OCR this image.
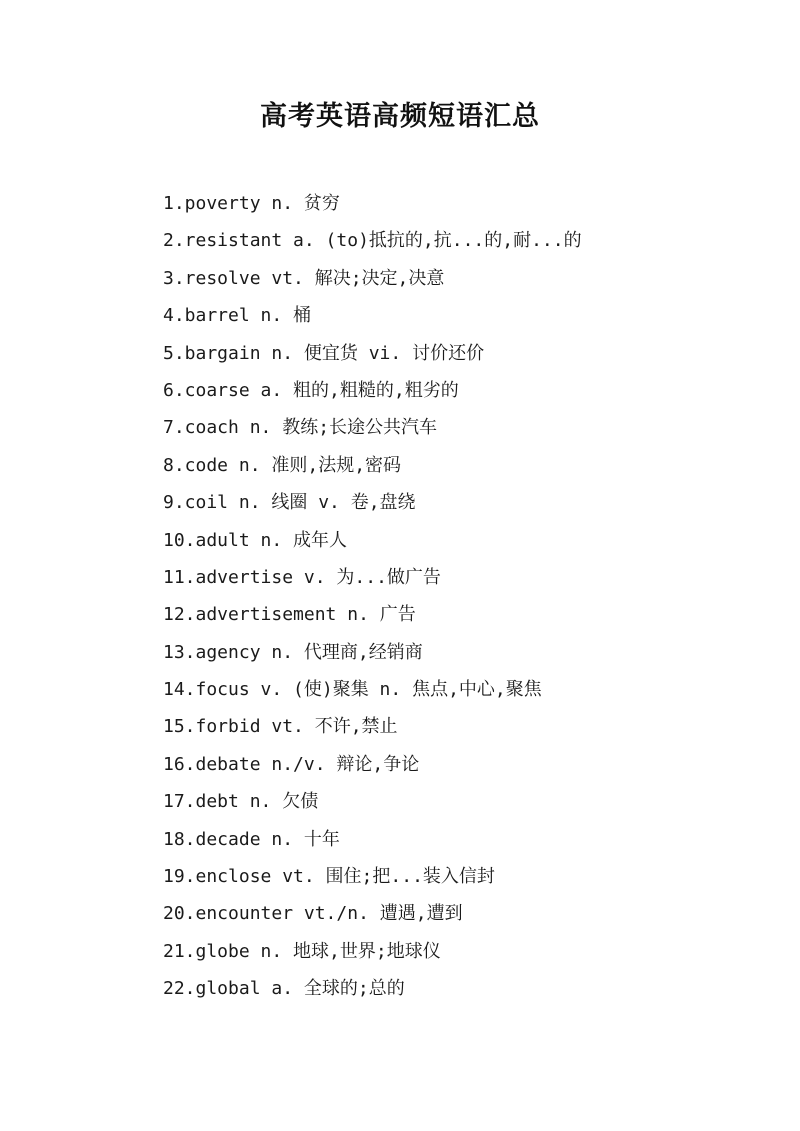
高考英语高频短语汇总
1.poverty n. 贫穷
2.resistant a. (to)抵抗的,抗...的,耐...的
3.resolve vt. 解决;决定,决意
4.barrel n. 桶
5.bargain n. 便宜货 vi. 讨价还价
6.coarse a. 粗的,粗糙的,粗劣的
7.coach n. 教练;长途公共汽车
8.code n. 准则,法规,密码
9.coil n. 线圈 v. 卷,盘绕
10.adult n. 成年人
11.advertise v. 为...做广告
12.advertisement n. 广告
13.agency n. 代理商,经销商
14.focus v. (使)聚集 n. 焦点,中心,聚焦
15.forbid vt. 不许,禁止
16.debate n./v. 辩论,争论
17.debt n. 欠债
18.decade n. 十年
19.enclose vt. 围住;把...装入信封
20.encounter vt./n. 遭遇,遭到
21.globe n. 地球,世界;地球仪
22.global a. 全球的;总的
